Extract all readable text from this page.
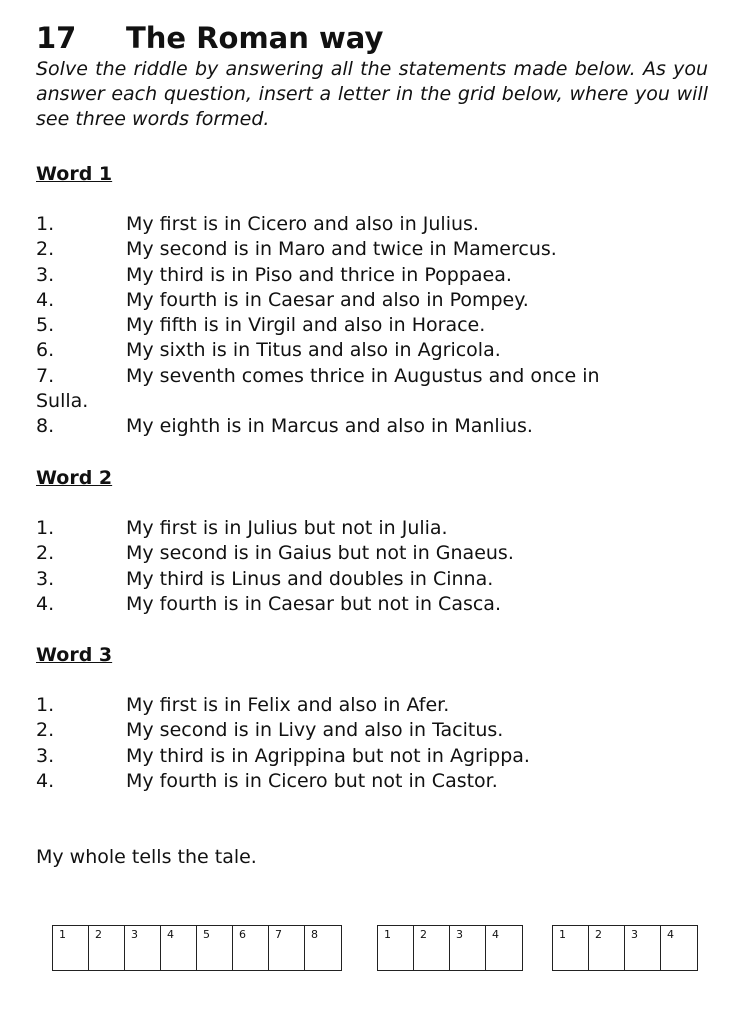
17 The Roman way
Solve the riddle by answering all the statements made below. As you answer each question, insert a letter in the grid below, where you will see three words formed.
Word 1
1.	My first is in Cicero and also in Julius.
2.	My second is in Maro and twice in Mamercus.
3.	My third is in Piso and thrice in Poppaea.
4.	My fourth is in Caesar and also in Pompey.
5.	My fifth is in Virgil and also in Horace.
6.	My sixth is in Titus and also in Agricola.
7.	My seventh comes thrice in Augustus and once in
Sulla.
8.	My eighth is in Marcus and also in Manlius.
Word 2
1.	My first is in Julius but not in Julia.
2.	My second is in Gaius but not in Gnaeus.
3.	My third is Linus and doubles in Cinna.
4.	My fourth is in Caesar but not in Casca.
Word 3
1.	My first is in Felix and also in Afer.
2.	My second is in Livy and also in Tacitus.
3.	My third is in Agrippina but not in Agrippa.
4.	My fourth is in Cicero but not in Castor.
My whole tells the tale.
1	2	3	4	5	6	7	8	1	2	3	4	1	2	3	4
